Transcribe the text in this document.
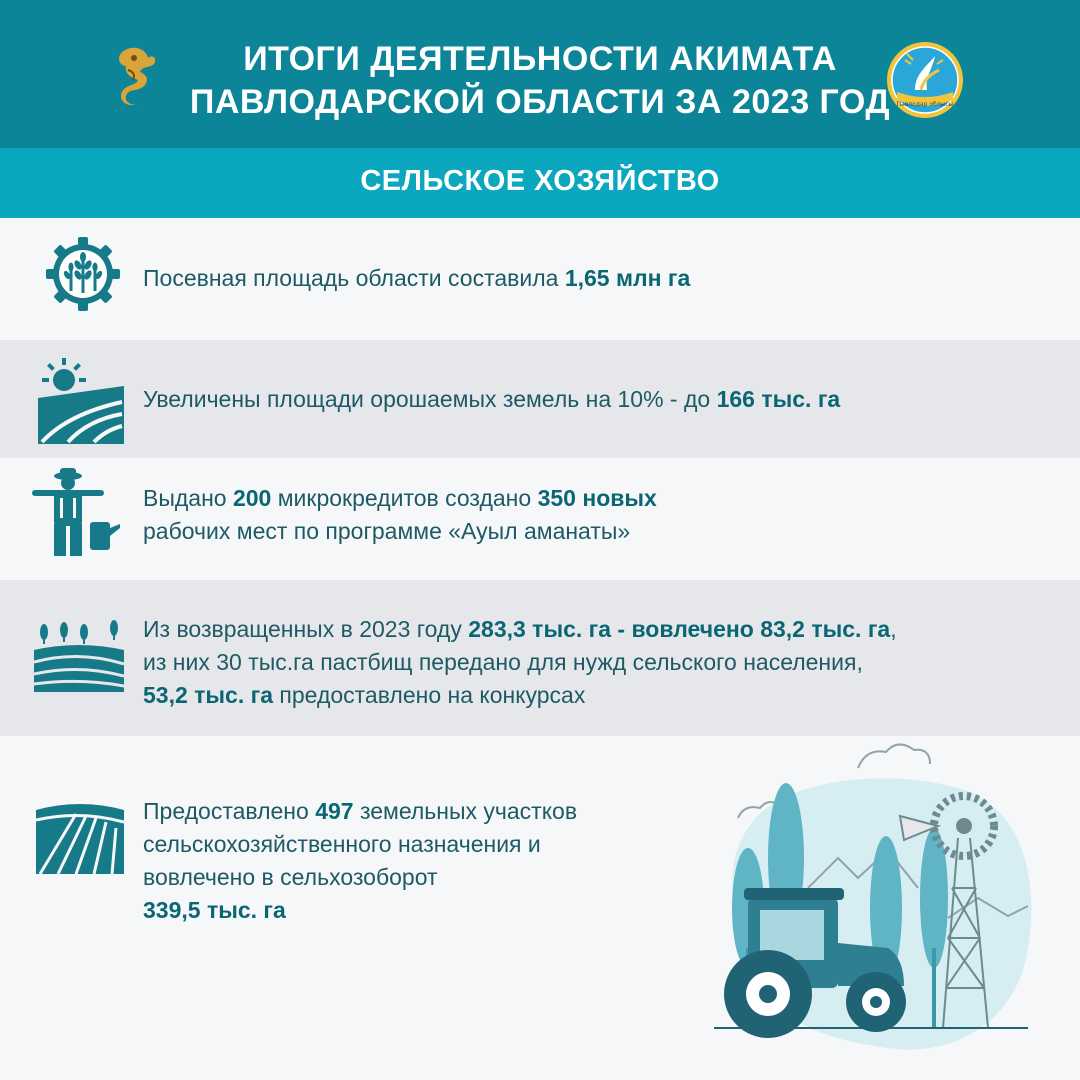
ИТОГИ ДЕЯТЕЛЬНОСТИ АКИМАТА
ПАВЛОДАРСКОЙ ОБЛАСТИ ЗА 2023 ГОД	Павлодар облысы
СЕЛЬСКОЕ ХОЗЯЙСТВО
Посевная площадь области составила 1,65 млн га
Увеличены площади орошаемых земель на 10% - до 166 тыс. га
Выдано 200 микрокредитов создано 350 новых
рабочих мест по программе «Ауыл аманаты»
Из возвращенных в 2023 году 283,3 тыс. га - вовлечено 83,2 тыс. га,
из них 30 тыс.га пастбищ передано для нужд сельского населения,
53,2 тыс. га предоставлено на конкурсах
Предоставлено 497 земельных участков
сельскохозяйственного назначения и
вовлечено в сельхозоборот
339,5 тыс. га
